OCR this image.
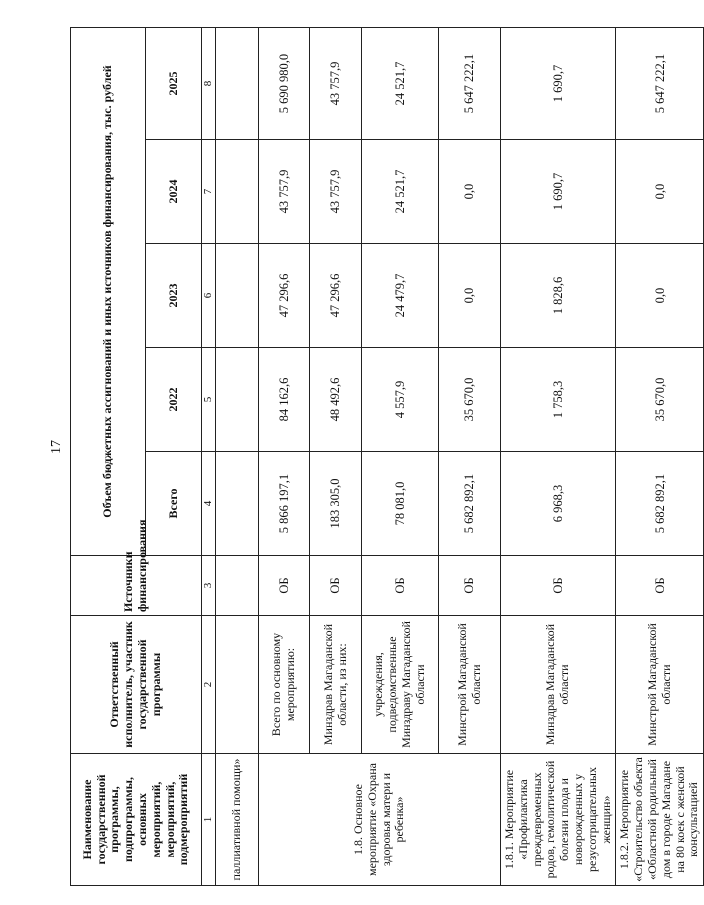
17
Наименование государственной программы, подпрограммы, основных мероприятий, мероприятий, подмероприятий	Ответственный исполнитель, участник государственной программы	Источники финансирования	Объем бюджетных ассигнований и иных источников финансирования, тыс. рублей				
			Всего	2022	2023	2024	2025
1	2	3	4	5	6	7	8
паллиативной помощи»							
1.8. Основное мероприятие «Охрана здоровья матери и ребенка»	Всего по основному мероприятию:	ОБ	5 866 197,1	84 162,6	47 296,6	43 757,9	5 690 980,0
	Минздрав Магаданской области, из них:	ОБ	183 305,0	48 492,6	47 296,6	43 757,9	43 757,9
	учреждения, подведомственные Минздраву Магаданской области	ОБ	78 081,0	4 557,9	24 479,7	24 521,7	24 521,7
	Минстрой Магаданской области	ОБ	5 682 892,1	35 670,0	0,0	0,0	5 647 222,1
1.8.1. Мероприятие «Профилактика преждевременных родов, гемолитической болезни плода и новорожденных у резусотрицательных женщин»	Минздрав Магаданской области	ОБ	6 968,3	1 758,3	1 828,6	1 690,7	1 690,7
1.8.2. Мероприятие «Строительство объекта «Областной родильный дом в городе Магадане на 80 коек с женской консультацией	Минстрой Магаданской области	ОБ	5 682 892,1	35 670,0	0,0	0,0	5 647 222,1
